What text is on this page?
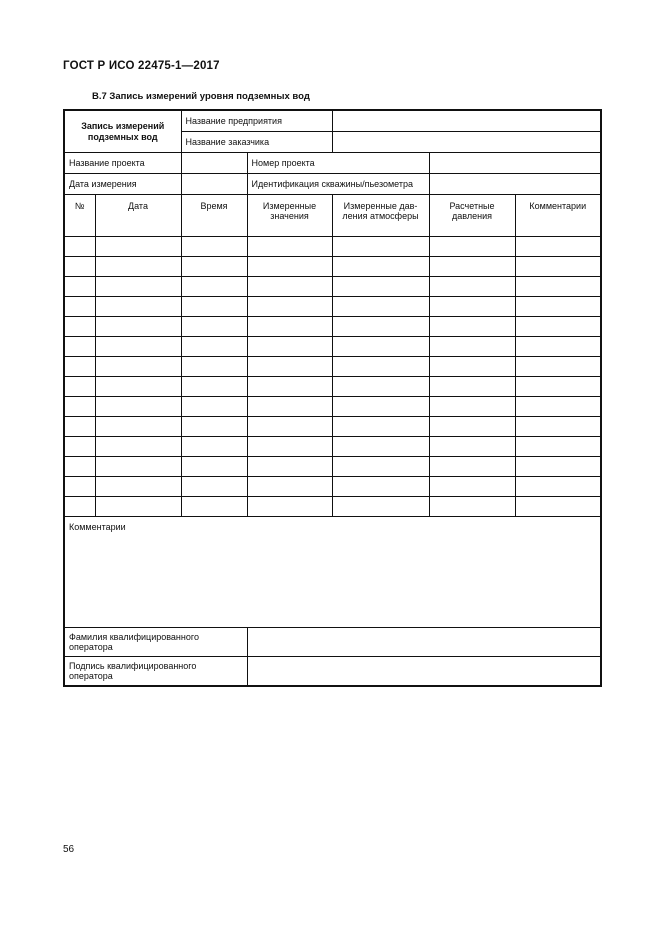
ГОСТ Р ИСО 22475-1—2017
В.7 Запись измерений уровня подземных вод
Запись измерений подземных вод		Название предприятия				
		Название заказчика				
Название проекта			Номер проекта			
Дата измерения			Идентификация скважины/пьезометра			
№	Дата	Время	Измеренные значения	Измеренные дав-ления атмосферы	Расчетные давления	Комментарии

Комментарии						
Фамилия квалифицированного оператора						
Подпись квалифицированного оператора						
56
